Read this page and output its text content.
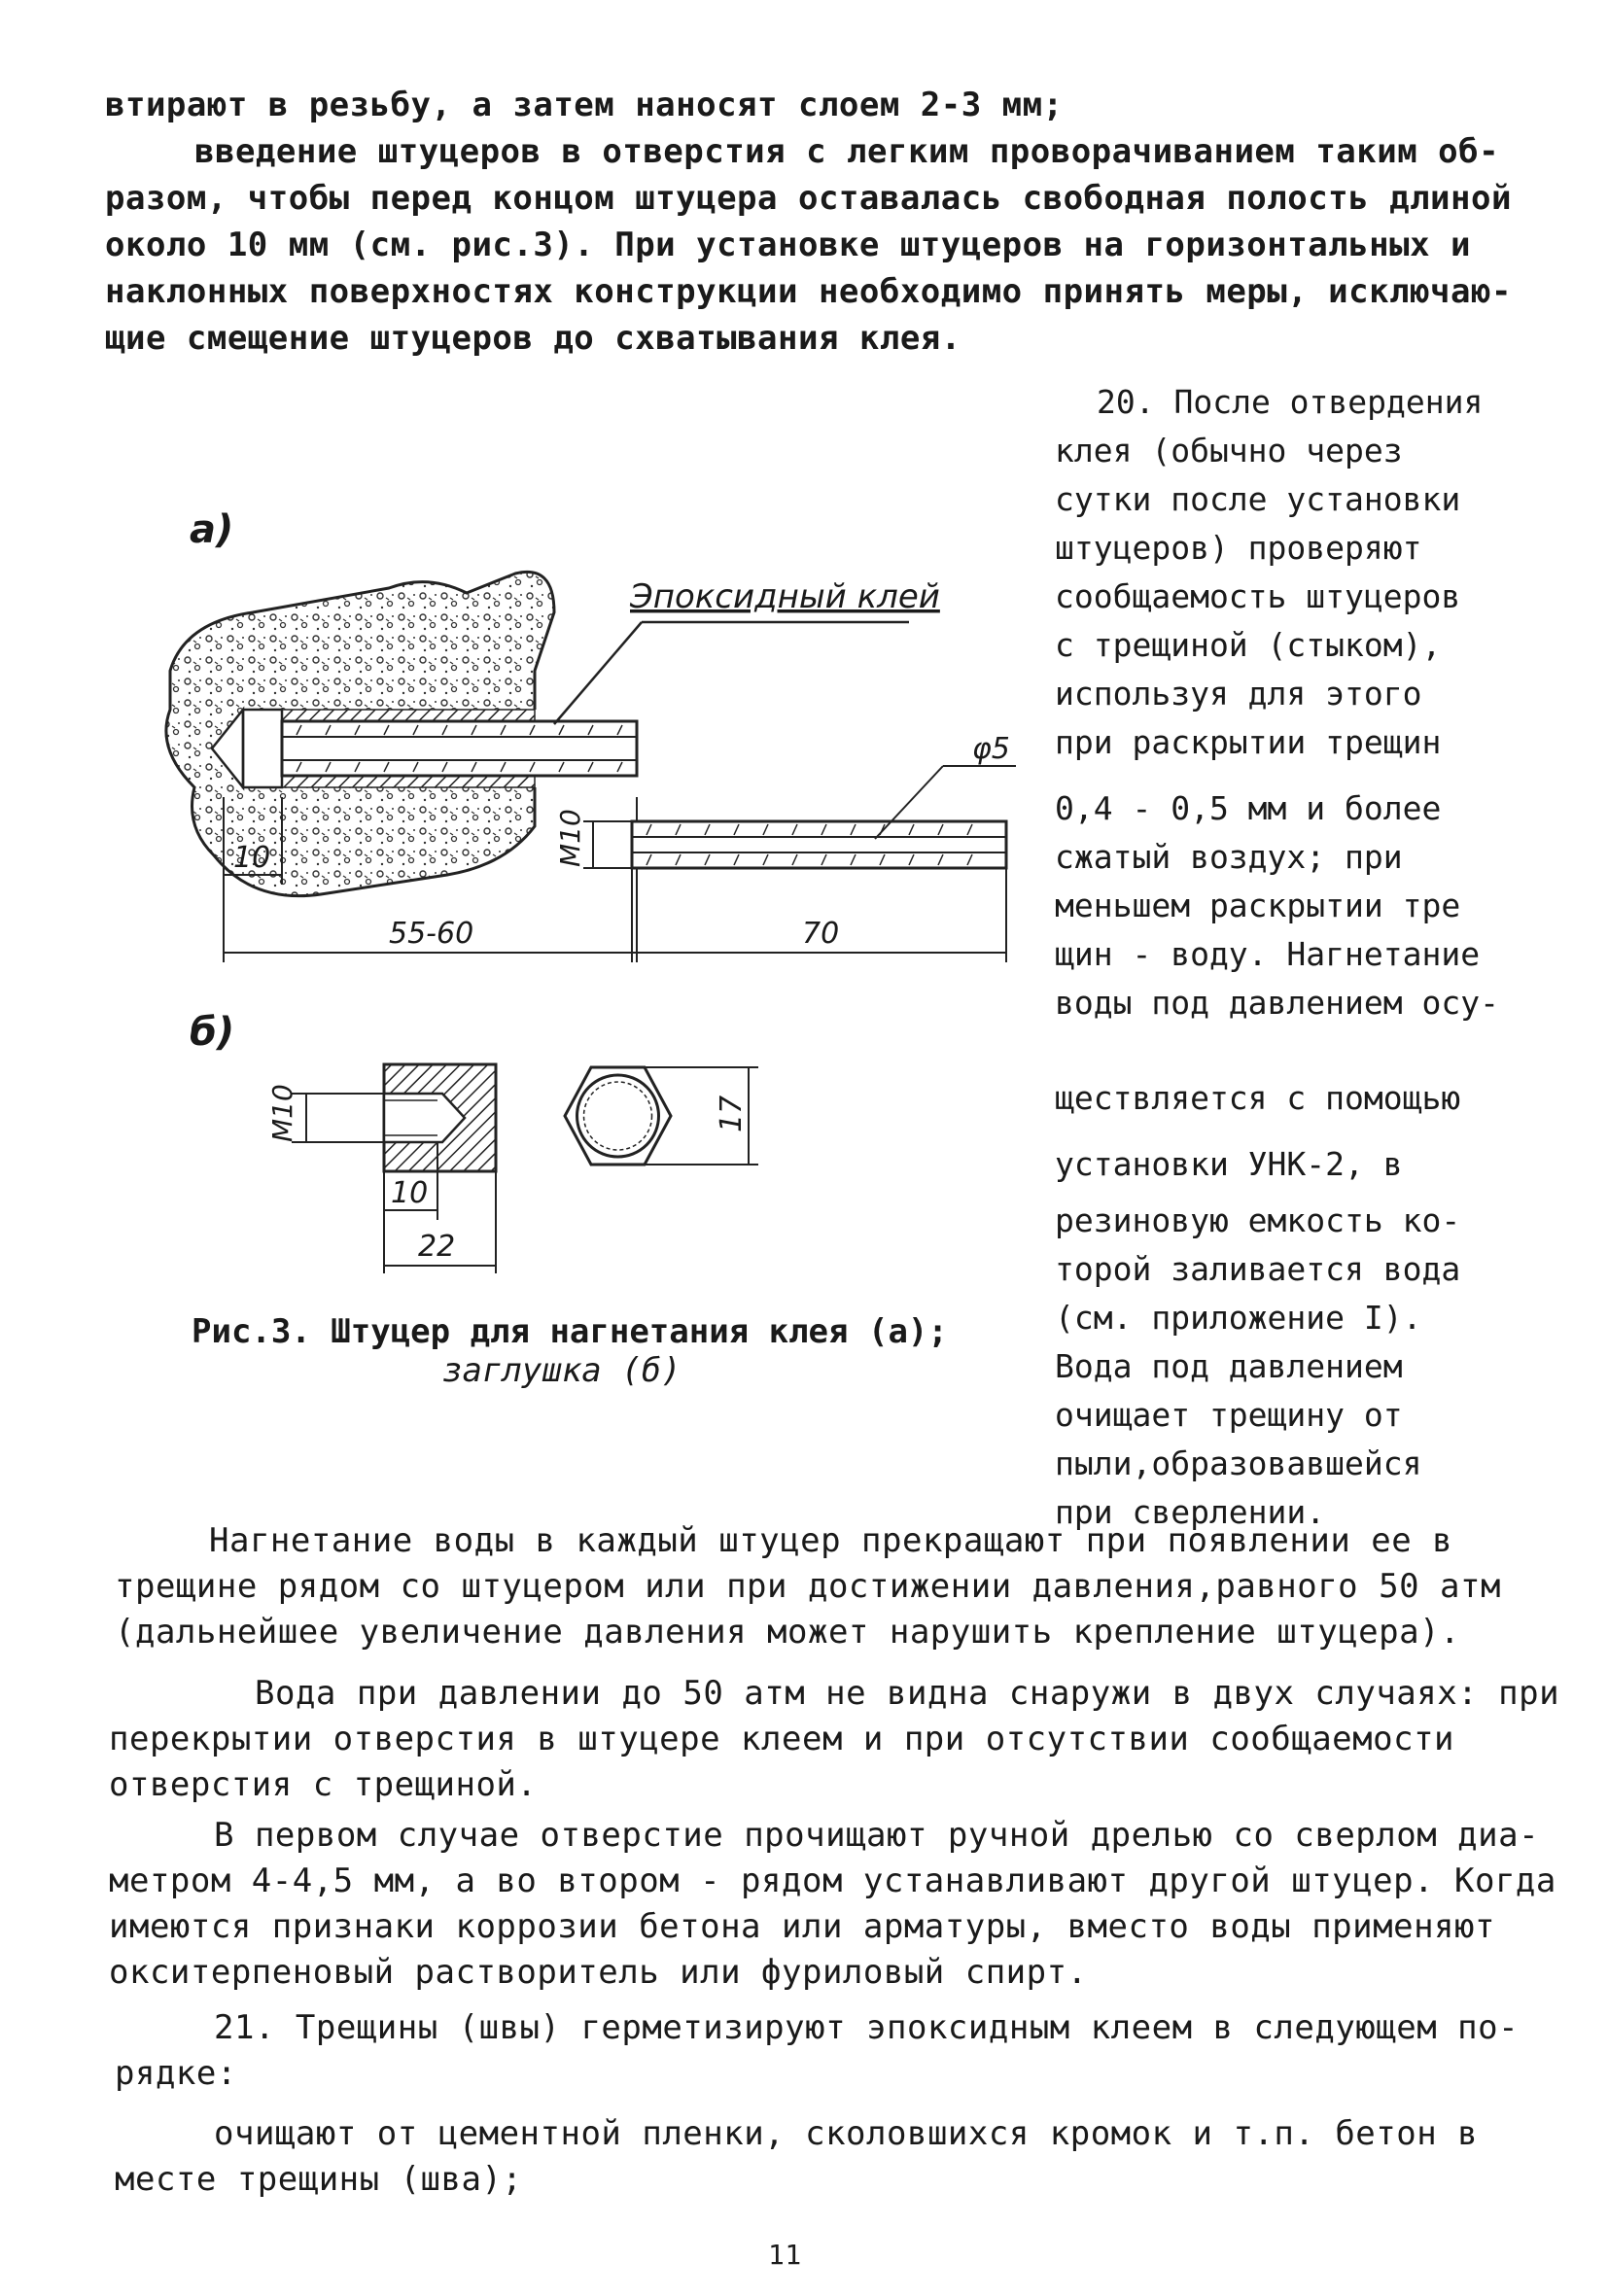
втирают в резьбу, а затем наносят слоем 2-3 мм;
введение штуцеров в отверстия с легким проворачиванием таким об-
разом, чтобы перед концом штуцера оставалась свободная полость длиной
около 10 мм (см. рис.3). При установке штуцеров на горизонтальных и
наклонных поверхностях конструкции необходимо принять меры, исключаю-
щие смещение штуцеров до схватывания клея.
20. После отвердения
клея (обычно через
сутки после установки
штуцеров) проверяют
сообщаемость штуцеров
с трещиной (стыком),
используя для этого
при раскрытии трещин
0,4 - 0,5 мм и более
сжатый воздух; при
меньшем раскрытии тре
щин - воду. Нагнетание
воды под давлением осу-
ществляется с помощью
установки УНК-2, в
резиновую емкость ко-
торой заливается вода
(см. приложение I).
Вода под давлением
очищает трещину от
пыли,образовавшейся
при сверлении.
а)
Эпоксидный клей
10
55-60
φ5
М10
70
б)
М10
10
22
17
Рис.3. Штуцер для нагнетания клея (а);
заглушка (б)
Нагнетание воды в каждый штуцер прекращают при появлении ее в
трещине рядом со штуцером или при достижении давления,равного 50 атм
(дальнейшее увеличение давления может нарушить крепление штуцера).
Вода при давлении до 50 атм не видна снаружи в двух случаях: при
перекрытии отверстия в штуцере клеем и при отсутствии сообщаемости
отверстия с трещиной.
В первом случае отверстие прочищают ручной дрелью со сверлом диа-
метром 4-4,5 мм, а во втором - рядом устанавливают другой штуцер. Когда
имеются признаки коррозии бетона или арматуры, вместо воды применяют
окситерпеновый растворитель или фуриловый спирт.
21. Трещины (швы) герметизируют эпоксидным клеем в следующем по-
рядке:
очищают от цементной пленки, сколовшихся кромок и т.п. бетон в
месте трещины (шва);
11
